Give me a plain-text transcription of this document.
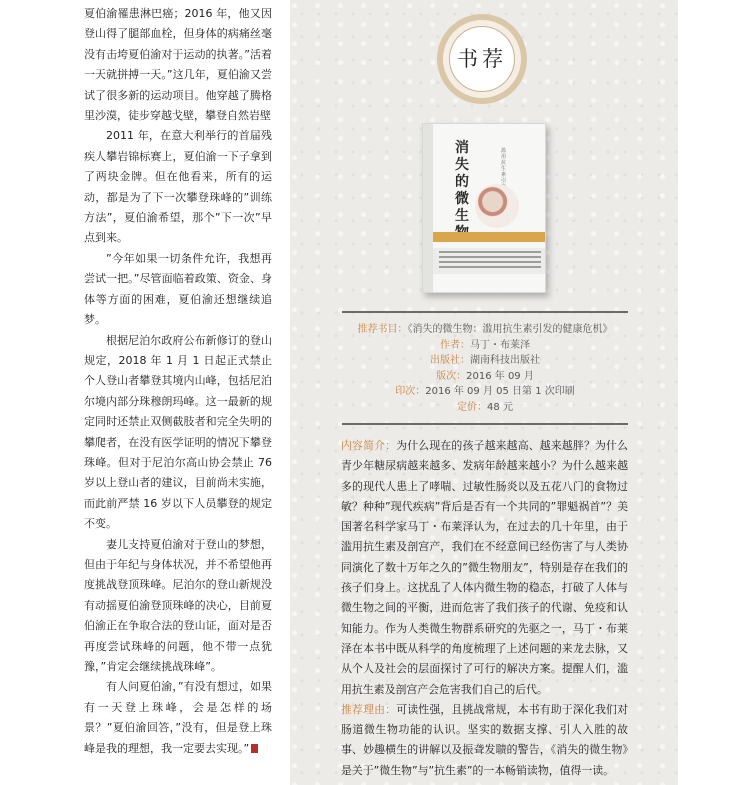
夏伯渝罹患淋巴癌；2016 年，他又因登山得了腿部血栓，但身体的病痛丝毫没有击垮夏伯渝对于运动的执著。”活着一天就拼搏一天。”这几年，夏伯渝又尝试了很多新的运动项目。他穿越了腾格里沙漠，徒步穿越戈壁，攀登自然岩壁

2011 年，在意大利举行的首届残疾人攀岩锦标赛上，夏伯渝一下子拿到了两块金牌。但在他看来，所有的运动，都是为了下一次攀登珠峰的”训练方法”，夏伯渝希望，那个”下一次”早点到来。

”今年如果一切条件允许，我想再尝试一把。”尽管面临着政策、资金、身体等方面的困难，夏伯渝还想继续追梦。

根据尼泊尔政府公布新修订的登山规定，2018 年 1 月 1 日起正式禁止个人登山者攀登其境内山峰，包括尼泊尔境内部分珠穆朗玛峰。这一最新的规定同时还禁止双侧截肢者和完全失明的攀爬者，在没有医学证明的情况下攀登珠峰。但对于尼泊尔高山协会禁止 76 岁以上登山者的建议，目前尚未实施，而此前严禁 16 岁以下人员攀登的规定不变。

妻儿支持夏伯渝对于登山的梦想，但由于年纪与身体状况，并不希望他再度挑战登顶珠峰。尼泊尔的登山新规没有动摇夏伯渝登顶珠峰的决心，目前夏伯渝正在争取合法的登山证，面对是否再度尝试珠峰的问题，他不带一点犹豫，”肯定会继续挑战珠峰”。

有人问夏伯渝，”有没有想过，如果有一天登上珠峰，会是怎样的场景？”夏伯渝回答，”没有，但是登上珠峰是我的理想，我一定要去实现。”

书荐
消失的微生
滥用抗生素引
推荐书目：《消失的微生物：滥用抗生素引发的健康危机》
作者：马丁・布莱泽
出版社：湖南科技出版社
版次：2016 年 09 月
印次：2016 年 09 月 05 日第 1 次印刷
定价：48 元

内容简介：为什么现在的孩子越来越高、越来越胖？为什么青少年糖尿病越来越多、发病年龄越来越小？为什么越来越多的现代人患上了哮喘、过敏性肠炎以及五花八门的食物过敏？种种”现代疾病”背后是否有一个共同的”罪魁祸首”？美国著名科学家马丁・布莱泽认为，在过去的几十年里，由于滥用抗生素及剖宫产，我们在不经意间已经伤害了与人类协同演化了数十万年之久的”微生物朋友”，特别是存在我们的孩子们身上。这扰乱了人体内微生物的稳态，打破了人体与微生物之间的平衡，进而危害了我们孩子的代谢、免疫和认知能力。作为人类微生物群系研究的先驱之一，马丁・布莱泽在本书中既从科学的角度梳理了上述问题的来龙去脉，又从个人及社会的层面探讨了可行的解决方案。提醒人们，滥用抗生素及剖宫产会危害我们自己的后代。

推荐理由：可读性强，且挑战常规，本书有助于深化我们对肠道微生物功能的认识。坚实的数据支撑、引人入胜的故事、妙趣横生的讲解以及振聋发聩的警告，《消失的微生物》是关于”微生物”与”抗生素”的一本畅销读物，值得一读。
